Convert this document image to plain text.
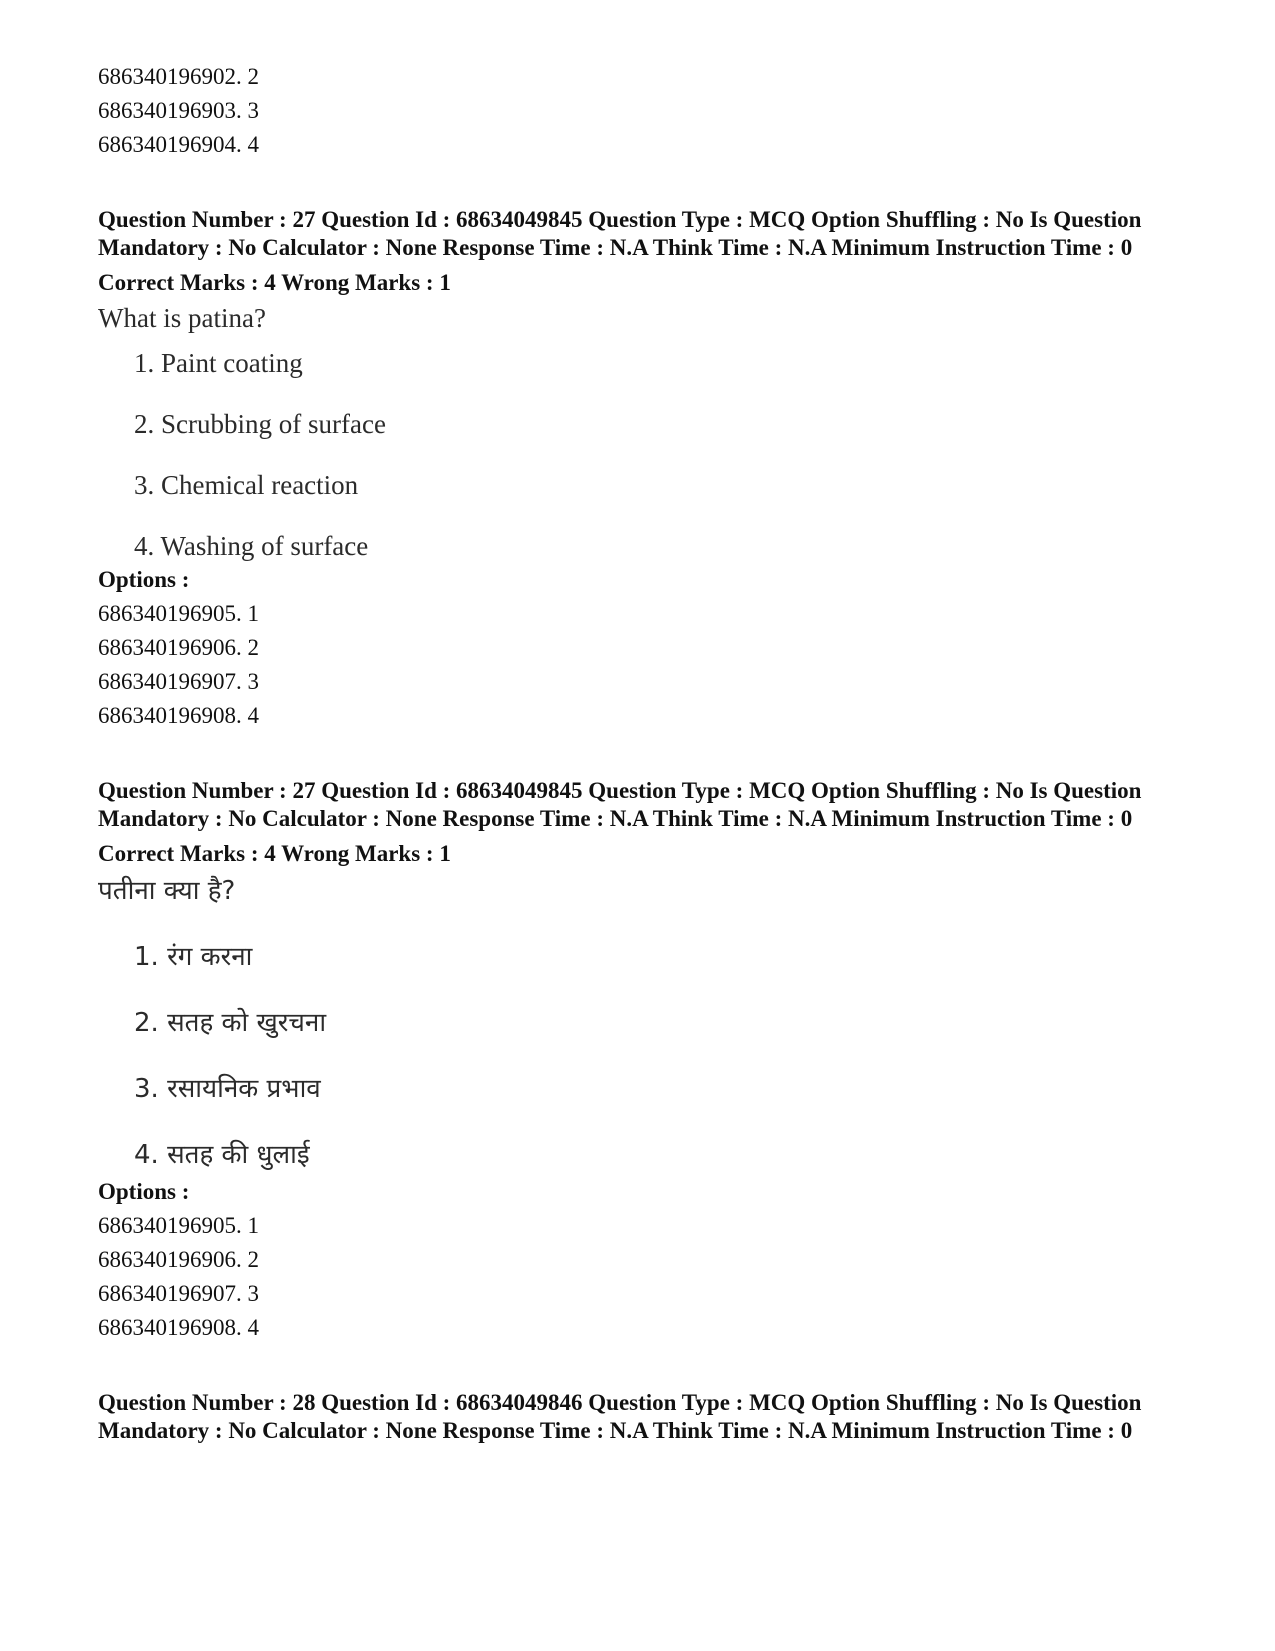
686340196902. 2
686340196903. 3
686340196904. 4
Question Number : 27 Question Id : 68634049845 Question Type : MCQ Option Shuffling : No Is Question Mandatory : No Calculator : None Response Time : N.A Think Time : N.A Minimum Instruction Time : 0
Correct Marks : 4 Wrong Marks : 1
What is patina?
1. Paint coating
2. Scrubbing of surface
3. Chemical reaction
4. Washing of surface
Options :
686340196905. 1
686340196906. 2
686340196907. 3
686340196908. 4
Question Number : 27 Question Id : 68634049845 Question Type : MCQ Option Shuffling : No Is Question Mandatory : No Calculator : None Response Time : N.A Think Time : N.A Minimum Instruction Time : 0
Correct Marks : 4 Wrong Marks : 1
पतीना क्या है?
1. रंग करना
2. सतह को खुरचना
3. रसायनिक प्रभाव
4. सतह की धुलाई
Options :
686340196905. 1
686340196906. 2
686340196907. 3
686340196908. 4
Question Number : 28 Question Id : 68634049846 Question Type : MCQ Option Shuffling : No Is Question Mandatory : No Calculator : None Response Time : N.A Think Time : N.A Minimum Instruction Time : 0
